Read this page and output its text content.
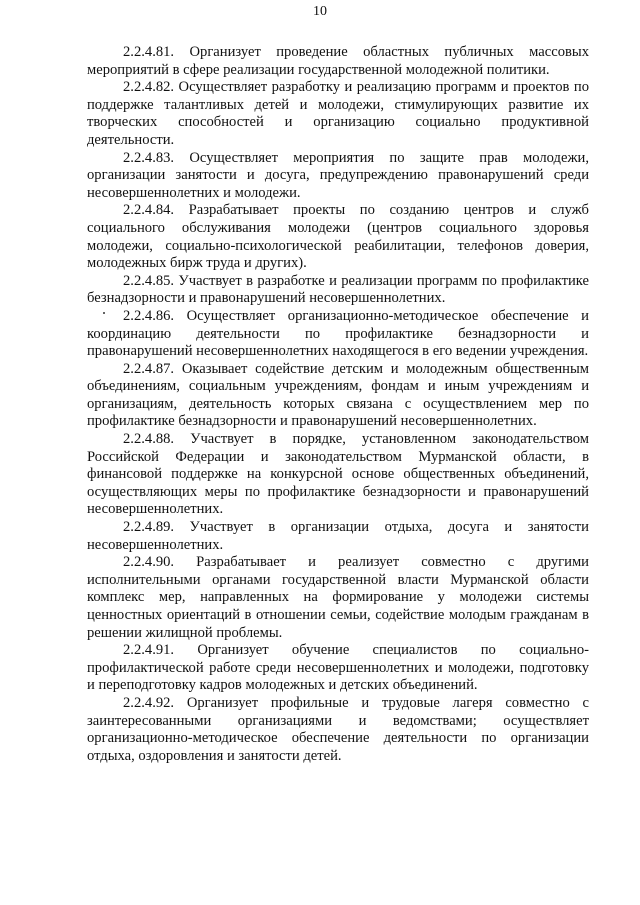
10

2.2.4.81. Организует проведение областных публичных массовых мероприятий в сфере реализации государственной молодежной политики.

2.2.4.82. Осуществляет разработку и реализацию программ и проектов по поддержке талантливых детей и молодежи, стимулирующих развитие их творческих способностей и организацию социально продуктивной деятельности.

2.2.4.83. Осуществляет мероприятия по защите прав молодежи, организации занятости и досуга, предупреждению правонарушений среди несовершеннолетних и молодежи.

2.2.4.84. Разрабатывает проекты по созданию центров и служб социального обслуживания молодежи (центров социального здоровья молодежи, социально-психологической реабилитации, телефонов доверия, молодежных бирж труда и других).

2.2.4.85. Участвует в разработке и реализации программ по профилактике безнадзорности и правонарушений несовершеннолетних.

2.2.4.86. Осуществляет организационно-методическое обеспечение и координацию деятельности по профилактике безнадзорности и правонарушений несовершеннолетних находящегося в его ведении учреждения.

2.2.4.87. Оказывает содействие детским и молодежным общественным объединениям, социальным учреждениям, фондам и иным учреждениям и организациям, деятельность которых связана с осуществлением мер по профилактике безнадзорности и правонарушений несовершеннолетних.

2.2.4.88. Участвует в порядке, установленном законодательством Российской Федерации и законодательством Мурманской области, в финансовой поддержке на конкурсной основе общественных объединений, осуществляющих меры по профилактике безнадзорности и правонарушений несовершеннолетних.

2.2.4.89. Участвует в организации отдыха, досуга и занятости несовершеннолетних.

2.2.4.90. Разрабатывает и реализует совместно с другими исполнительными органами государственной власти Мурманской области комплекс мер, направленных на формирование у молодежи системы ценностных ориентаций в отношении семьи, содействие молодым гражданам в решении жилищной проблемы.

2.2.4.91. Организует обучение специалистов по социально-профилактической работе среди несовершеннолетних и молодежи, подготовку и переподготовку кадров молодежных и детских объединений.

2.2.4.92. Организует профильные и трудовые лагеря совместно с заинтересованными организациями и ведомствами; осуществляет организационно-методическое обеспечение деятельности по организации отдыха, оздоровления и занятости детей.
